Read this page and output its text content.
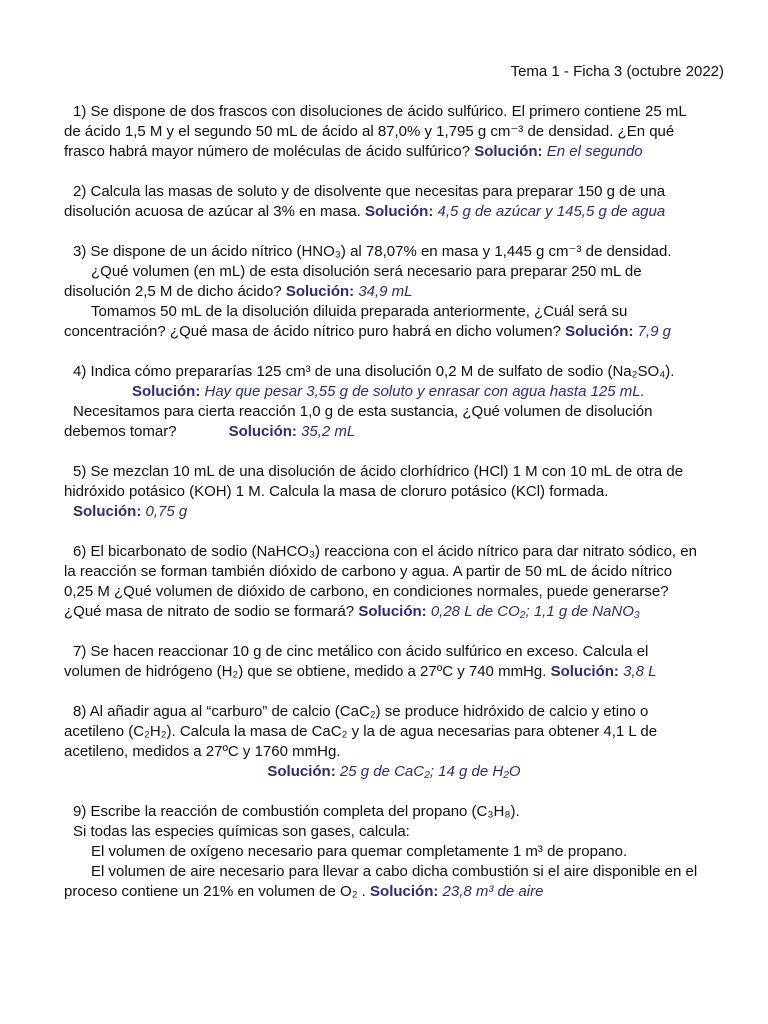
Tema 1 - Ficha 3 (octubre 2022)
1) Se dispone de dos frascos con disoluciones de ácido sulfúrico. El primero contiene 25 mL
de ácido 1,5 M y el segundo 50 mL de ácido al 87,0% y 1,795 g cm⁻³ de densidad. ¿En qué
frasco habrá mayor número de moléculas de ácido sulfúrico? Solución: En el segundo
2) Calcula las masas de soluto y de disolvente que necesitas para preparar 150 g de una
disolución acuosa de azúcar al 3% en masa. Solución: 4,5 g de azúcar y 145,5 g de agua
3) Se dispone de un ácido nítrico (HNO₃) al 78,07% en masa y 1,445 g cm⁻³ de densidad.
¿Qué volumen (en mL) de esta disolución será necesario para preparar 250 mL de
disolución 2,5 M de dicho ácido? Solución: 34,9 mL
Tomamos 50 mL de la disolución diluida preparada anteriormente, ¿Cuál será su
concentración? ¿Qué masa de ácido nítrico puro habrá en dicho volumen? Solución: 7,9 g
4) Indica cómo prepararías 125 cm³ de una disolución 0,2 M de sulfato de sodio (Na₂SO₄).
Solución: Hay que pesar 3,55 g de soluto y enrasar con agua hasta 125 mL.
Necesitamos para cierta reacción 1,0 g de esta sustancia, ¿Qué volumen de disolución
debemos tomar?	Solución: 35,2 mL
5) Se mezclan 10 mL de una disolución de ácido clorhídrico (HCl) 1 M con 10 mL de otra de
hidróxido potásico (KOH) 1 M. Calcula la masa de cloruro potásico (KCl) formada.
Solución: 0,75 g
6) El bicarbonato de sodio (NaHCO₃) reacciona con el ácido nítrico para dar nitrato sódico, en
la reacción se forman también dióxido de carbono y agua. A partir de 50 mL de ácido nítrico
0,25 M ¿Qué volumen de dióxido de carbono, en condiciones normales, puede generarse?
¿Qué masa de nitrato de sodio se formará? Solución: 0,28 L de CO₂; 1,1 g de NaNO₃
7) Se hacen reaccionar 10 g de cinc metálico con ácido sulfúrico en exceso. Calcula el
volumen de hidrógeno (H₂) que se obtiene, medido a 27ºC y 740 mmHg. Solución: 3,8 L
8) Al añadir agua al “carburo” de calcio (CaC₂) se produce hidróxido de calcio y etino o
acetileno (C₂H₂). Calcula la masa de CaC₂ y la de agua necesarias para obtener 4,1 L de
acetileno, medidos a 27ºC y 1760 mmHg.
Solución: 25 g de CaC₂; 14 g de H₂O
9) Escribe la reacción de combustión completa del propano (C₃H₈).
Si todas las especies químicas son gases, calcula:
El volumen de oxígeno necesario para quemar completamente 1 m³ de propano.
El volumen de aire necesario para llevar a cabo dicha combustión si el aire disponible en el
proceso contiene un 21% en volumen de O₂ . Solución: 23,8 m³ de aire
